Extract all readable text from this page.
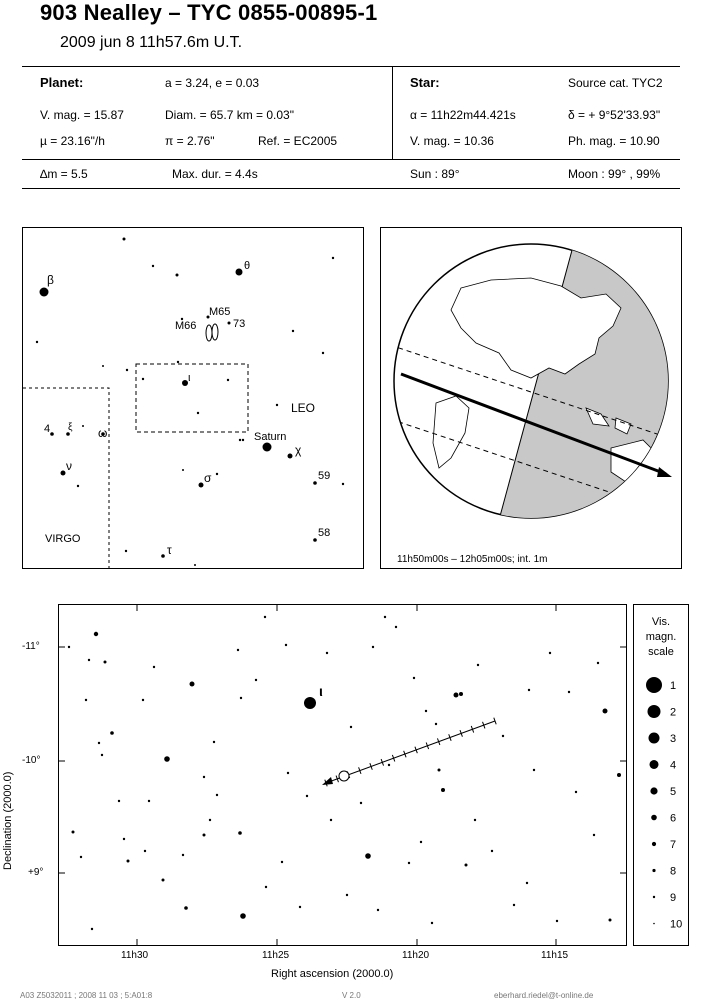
903 Nealley – TYC 0855-00895-1
2009 jun 8 11h57.6m U.T.
Planet:	a = 3.24, e = 0.03
V. mag. = 15.87	Diam. = 65.7 km = 0.03"
µ = 23.16"/h	π = 2.76"	Ref. = EC2005
∆m = 5.5	Max. dur. = 4.4s
Star:	Source cat. TYC2
α = 11h22m44.421s	δ = + 9°52'33.93"
V. mag. = 10.36	Ph. mag. = 10.90
Sun : 89°	Moon : 99° , 99%
β
θ
M65
M66	73
ι
LEO
Saturn
χ
4 ξ ω
ν
σ	59
58
VIRGO
τ
11h50m00s – 12h05m00s; int. 1m
Declination (2000.0)
Right ascension (2000.0)
-11°
-10°
+9°
11h30	11h25	11h20	11h15
ι
Vis.
magn.
scale
1
2
3
4
5
6
7
8
9
10
A03 Z5032011 ; 2008 11 03 ; 5:A01:8	V 2.0	eberhard.riedel@t-online.de
